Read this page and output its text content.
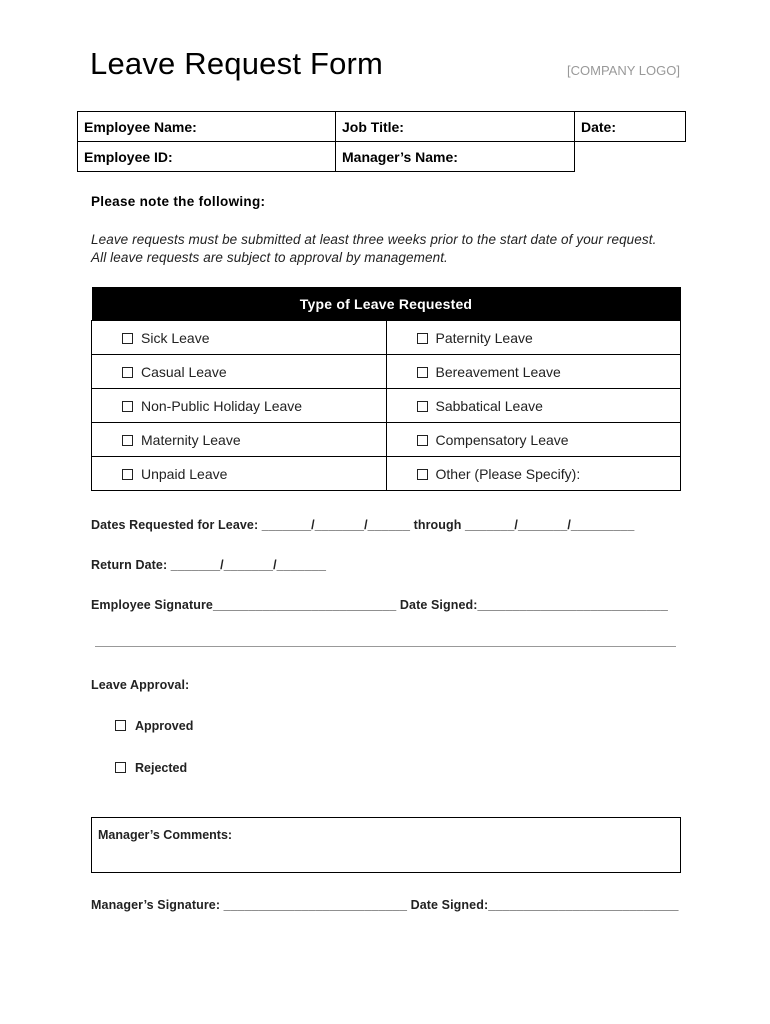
Leave Request Form	[COMPANY LOGO]
Employee Name:	Job Title:	Date:
Employee ID:	Manager’s Name:	
Please note the following:
Leave requests must be submitted at least three weeks prior to the start date of your request.
All leave requests are subject to approval by management.
Type of Leave Requested	

Sick Leave	Paternity Leave

Casual Leave	Bereavement Leave

Non-Public Holiday Leave	Sabbatical Leave

Maternity Leave	Compensatory Leave

Unpaid Leave	Other (Please Specify):
Dates Requested for Leave: _______/_______/______ through _______/_______/_________
Return Date: _______/_______/_______
Employee Signature__________________________ Date Signed:___________________________
Leave Approval:
Approved
Rejected
Manager’s Comments:
Manager’s Signature: __________________________ Date Signed:___________________________
